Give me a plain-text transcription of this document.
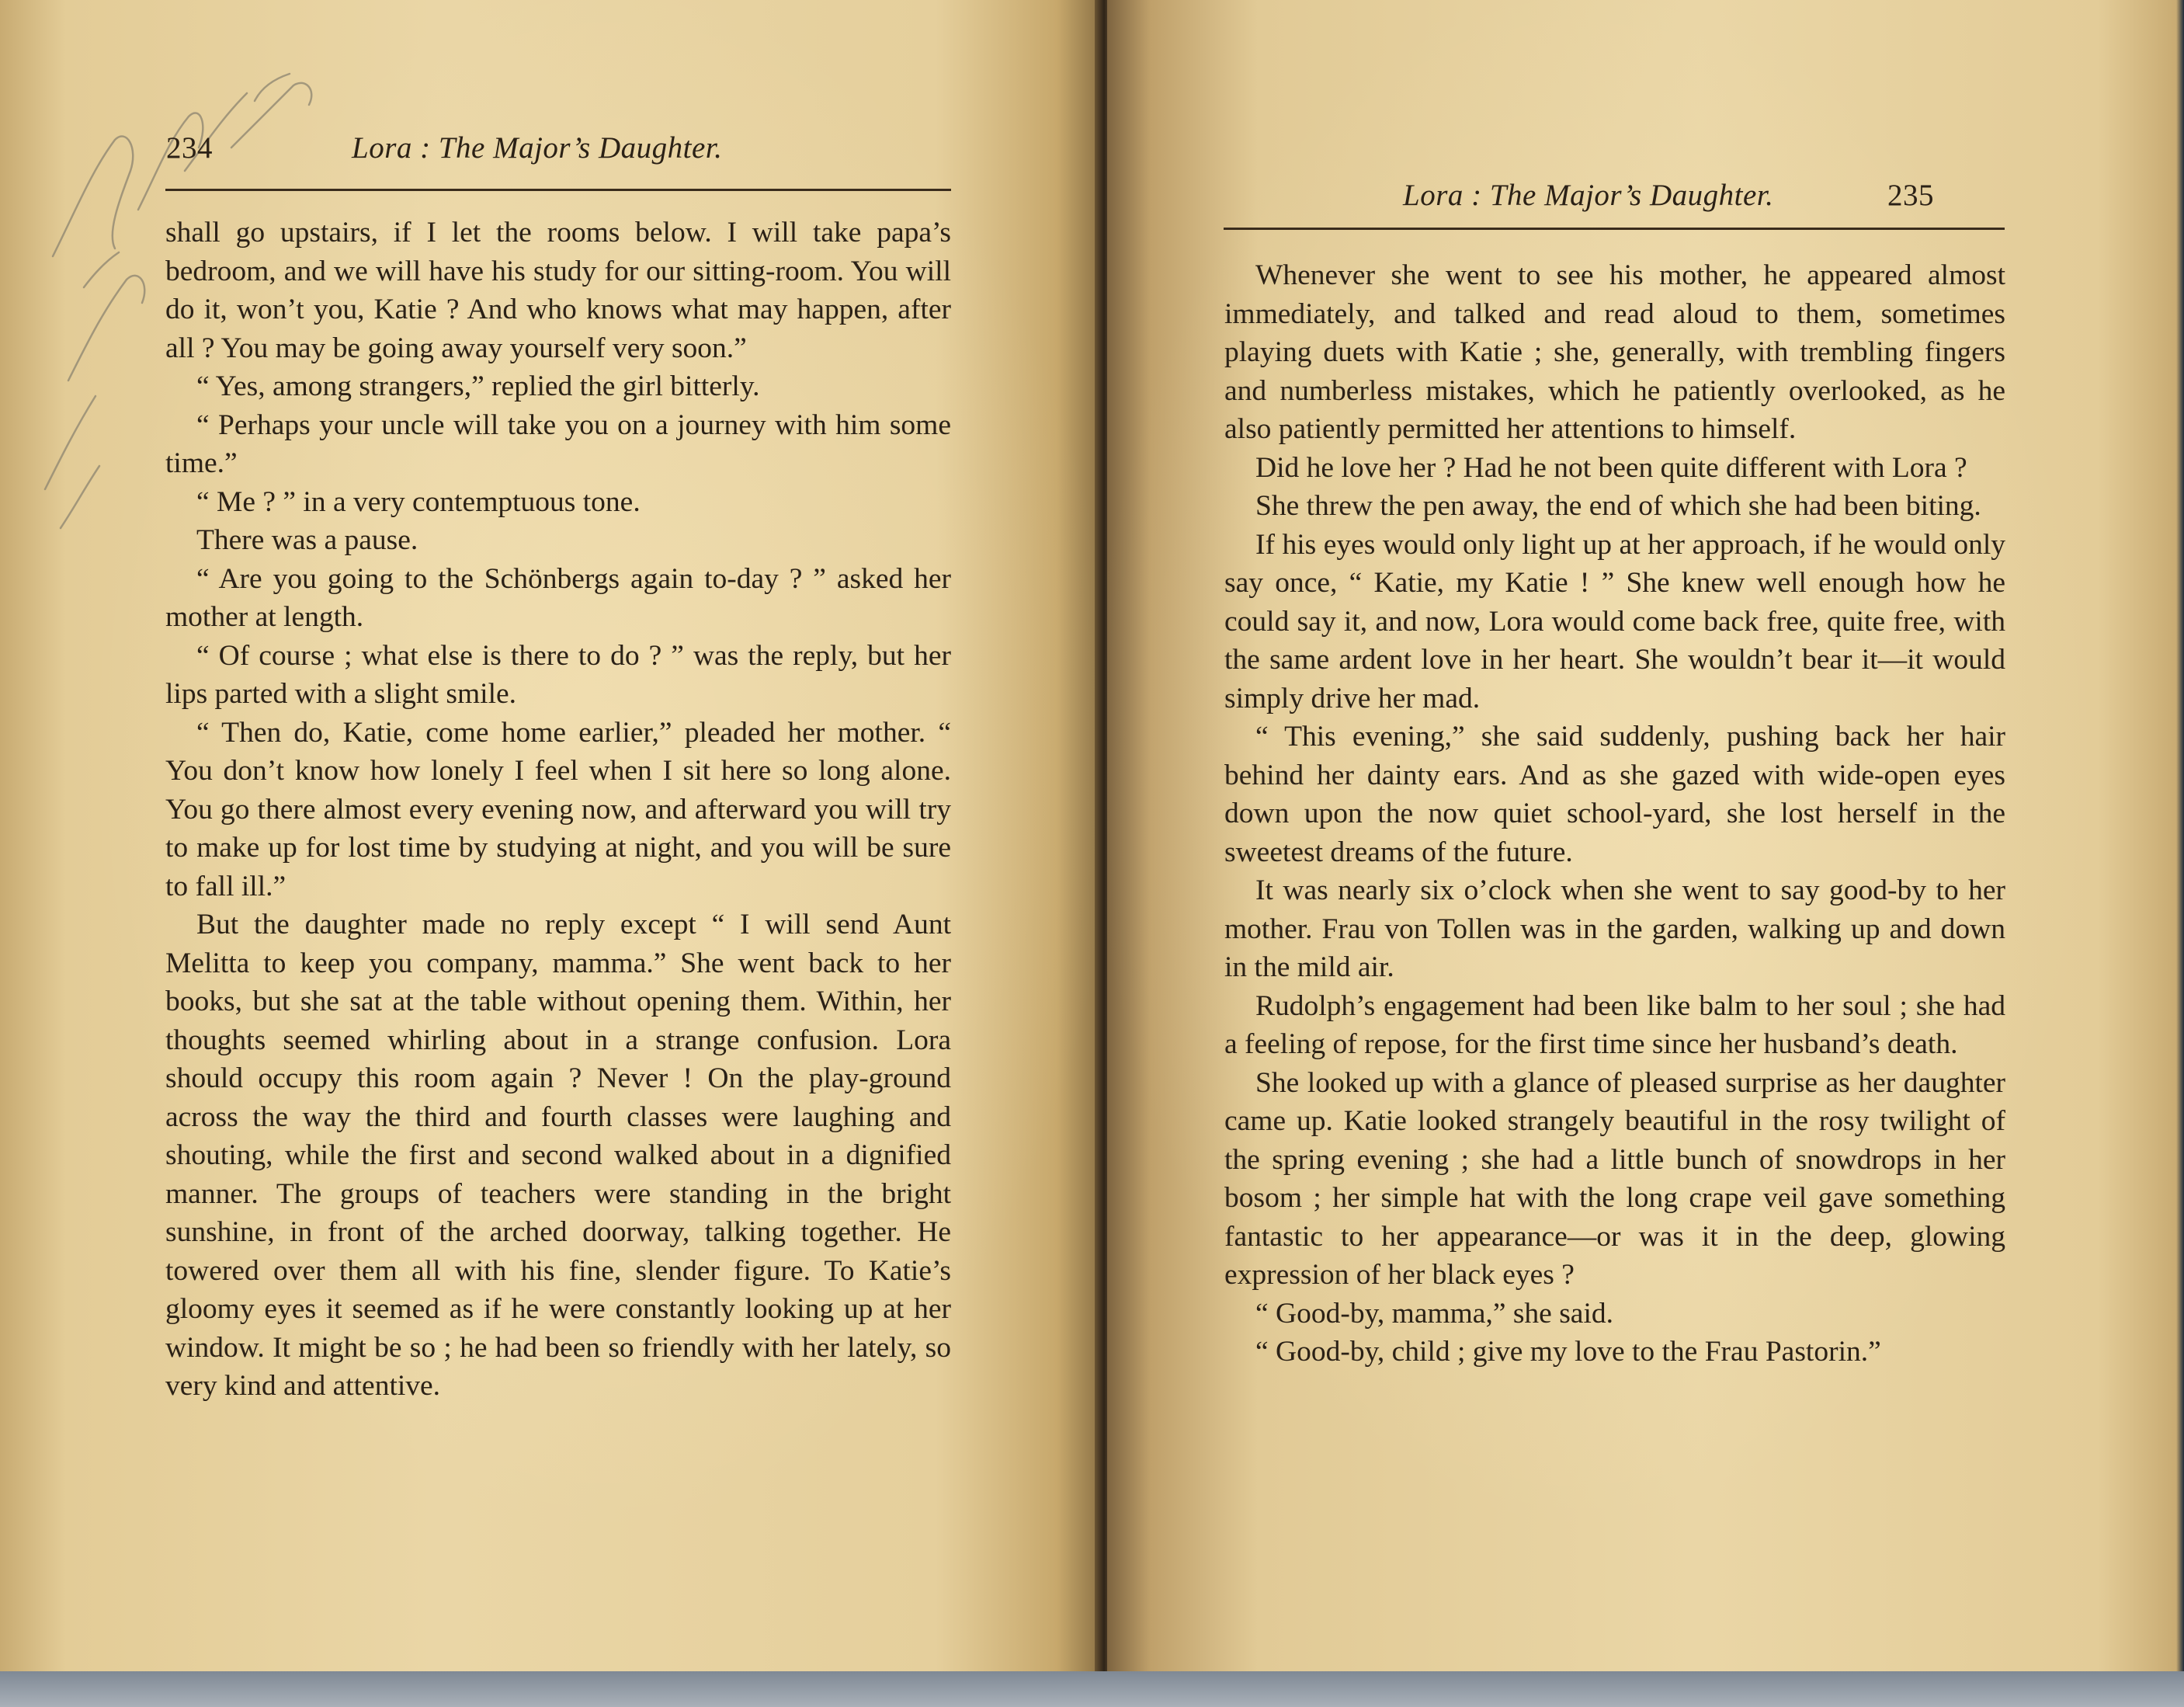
234	Lora : The Major’s Daughter.

shall go upstairs, if I let the rooms below. I will take papa’s bedroom, and we will have his study for our sitting-room. You will do it, won’t you, Katie ? And who knows what may happen, after all ? You may be going away yourself very soon.”

“ Yes, among strangers,” replied the girl bitterly.

“ Perhaps your uncle will take you on a journey with him some time.”

“ Me ? ” in a very contemptuous tone.

There was a pause.

“ Are you going to the Schönbergs again to-day ? ” asked her mother at length.

“ Of course ; what else is there to do ? ” was the reply, but her lips parted with a slight smile.

“ Then do, Katie, come home earlier,” pleaded her mother. “ You don’t know how lonely I feel when I sit here so long alone. You go there almost every evening now, and afterward you will try to make up for lost time by studying at night, and you will be sure to fall ill.”

But the daughter made no reply except “ I will send Aunt Melitta to keep you company, mamma.” She went back to her books, but she sat at the table without opening them. Within, her thoughts seemed whirling about in a strange confusion. Lora should occupy this room again ? Never ! On the play-ground across the way the third and fourth classes were laughing and shouting, while the first and second walked about in a dignified manner. The groups of teachers were standing in the bright sunshine, in front of the arched doorway, talking together. He towered over them all with his fine, slender figure. To Katie’s gloomy eyes it seemed as if he were constantly looking up at her window. It might be so ; he had been so friendly with her lately, so very kind and attentive.

Lora : The Major’s Daughter.	235

Whenever she went to see his mother, he appeared almost immediately, and talked and read aloud to them, sometimes playing duets with Katie ; she, generally, with trembling fingers and numberless mistakes, which he patiently overlooked, as he also patiently permitted her attentions to himself.

Did he love her ? Had he not been quite different with Lora ?

She threw the pen away, the end of which she had been biting.

If his eyes would only light up at her approach, if he would only say once, “ Katie, my Katie ! ” She knew well enough how he could say it, and now, Lora would come back free, quite free, with the same ardent love in her heart. She wouldn’t bear it—it would simply drive her mad.

“ This evening,” she said suddenly, pushing back her hair behind her dainty ears. And as she gazed with wide-open eyes down upon the now quiet school-yard, she lost herself in the sweetest dreams of the future.

It was nearly six o’clock when she went to say good-by to her mother. Frau von Tollen was in the garden, walking up and down in the mild air.

Rudolph’s engagement had been like balm to her soul ; she had a feeling of repose, for the first time since her husband’s death.

She looked up with a glance of pleased surprise as her daughter came up. Katie looked strangely beautiful in the rosy twilight of the spring evening ; she had a little bunch of snowdrops in her bosom ; her simple hat with the long crape veil gave something fantastic to her appearance—or was it in the deep, glowing expression of her black eyes ?

“ Good-by, mamma,” she said.

“ Good-by, child ; give my love to the Frau Pastorin.”
